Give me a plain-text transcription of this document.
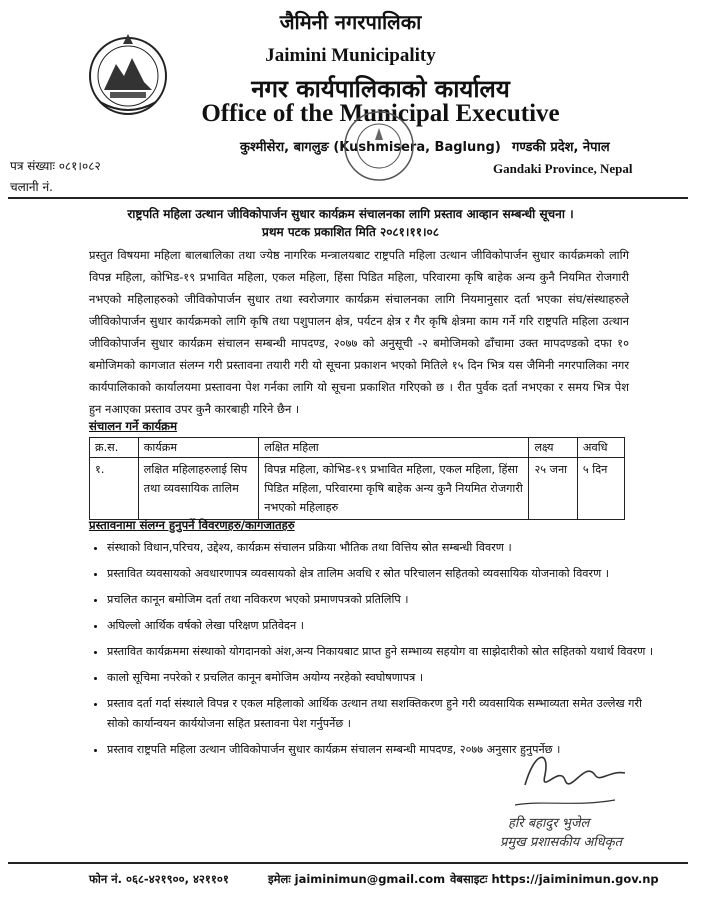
जैमिनी नगरपालिका
Jaimini Municipality
नगर कार्यपालिकाको कार्यालय
Office of the Municipal Executive
कुश्मीसेरा, बागलुङ (Kushmisera, Baglung) गण्डकी प्रदेश, नेपाल
Gandaki Province, Nepal
पत्र संख्याः ०८१।०८२
चलानी नं.
राष्ट्रपति महिला उत्थान जीविकोपार्जन सुधार कार्यक्रम संचालनका लागि प्रस्ताव आव्हान सम्बन्धी सूचना ।
प्रथम पटक प्रकाशित मिति २०८१।११।०८
प्रस्तुत विषयमा महिला बालबालिका तथा ज्येष्ठ नागरिक मन्त्रालयबाट राष्ट्रपति महिला उत्थान जीविकोपार्जन सुधार कार्यक्रमको लागि विपन्न महिला, कोभिड-१९ प्रभावित महिला, एकल महिला, हिंसा पिडित महिला, परिवारमा कृषि बाहेक अन्य कुनै नियमित रोजगारी नभएको महिलाहरुको जीविकोपार्जन सुधार तथा स्वरोजगार कार्यक्रम संचालनका लागि नियमानुसार दर्ता भएका संघ/संस्थाहरुले जीविकोपार्जन सुधार कार्यक्रमको लागि कृषि तथा पशुपालन क्षेत्र, पर्यटन क्षेत्र र गैर कृषि क्षेत्रमा काम गर्ने गरि राष्ट्रपति महिला उत्थान जीविकोपार्जन सुधार कार्यक्रम संचालन सम्बन्धी मापदण्ड, २०७७ को अनुसूची -२ बमोजिमको ढाँचामा उक्त मापदण्डको दफा १० बमोजिमको कागजात संलग्न गरी प्रस्तावना तयारी गरी यो सूचना प्रकाशन भएको मितिले १५ दिन भित्र यस जैमिनी नगरपालिका नगर कार्यपालिकाको कार्यालयमा प्रस्तावना पेश गर्नका लागि यो सूचना प्रकाशित गरिएको छ । रीत पुर्वक दर्ता नभएका र समय भित्र पेश हुन नआएका प्रस्ताव उपर कुनै कारबाही गरिने छैन ।
संचालन गर्ने कार्यक्रम
क्र.स.	कार्यक्रम	लक्षित महिला	लक्ष्य	अवधि
१.	लक्षित महिलाहरुलाई सिप तथा व्यवसायिक तालिम	विपन्न महिला, कोभिड-१९ प्रभावित महिला, एकल महिला, हिंसा पिडित महिला, परिवारमा कृषि बाहेक अन्य कुनै नियमित रोजगारी नभएको महिलाहरु	२५ जना	५ दिन
प्रस्तावनामा संलग्न हुनुपर्ने विवरणहरु/कागजातहरु
• संस्थाको विधान,परिचय, उद्देश्य, कार्यक्रम संचालन प्रक्रिया भौतिक तथा वित्तिय स्रोत सम्बन्धी विवरण ।
• प्रस्तावित व्यवसायको अवधारणापत्र व्यवसायको क्षेत्र तालिम अवधि र स्रोत परिचालन सहितको व्यवसायिक योजनाको विवरण ।
• प्रचलित कानून बमोजिम दर्ता तथा नविकरण भएको प्रमाणपत्रको प्रतिलिपि ।
• अघिल्लो आर्थिक वर्षको लेखा परिक्षण प्रतिवेदन ।
• प्रस्तावित कार्यक्रममा संस्थाको योगदानको अंश,अन्य निकायबाट प्राप्त हुने सम्भाव्य सहयोग वा साझेदारीको स्रोत सहितको यथार्थ विवरण ।
• कालो सूचिमा नपरेको र प्रचलित कानून बमोजिम अयोग्य नरहेको स्वघोषणापत्र ।
• प्रस्ताव दर्ता गर्दा संस्थाले विपन्न र एकल महिलाको आर्थिक उत्थान तथा सशक्तिकरण हुने गरी व्यवसायिक सम्भाव्यता समेत उल्लेख गरी सोको कार्यान्वयन कार्ययोजना सहित प्रस्तावना पेश गर्नुपर्नेछ ।
• प्रस्ताव राष्ट्रपति महिला उत्थान जीविकोपार्जन सुधार कार्यक्रम संचालन सम्बन्धी मापदण्ड, २०७७ अनुसार हुनुपर्नेछ ।
हरि बहादुर भुजेल
प्रमुख प्रशासकीय अधिकृत
फोन नं. ०६८-४२१९००, ४२११०१	इमेलः jaiminimun@gmail.com वेबसाइटः https://jaiminimun.gov.np
